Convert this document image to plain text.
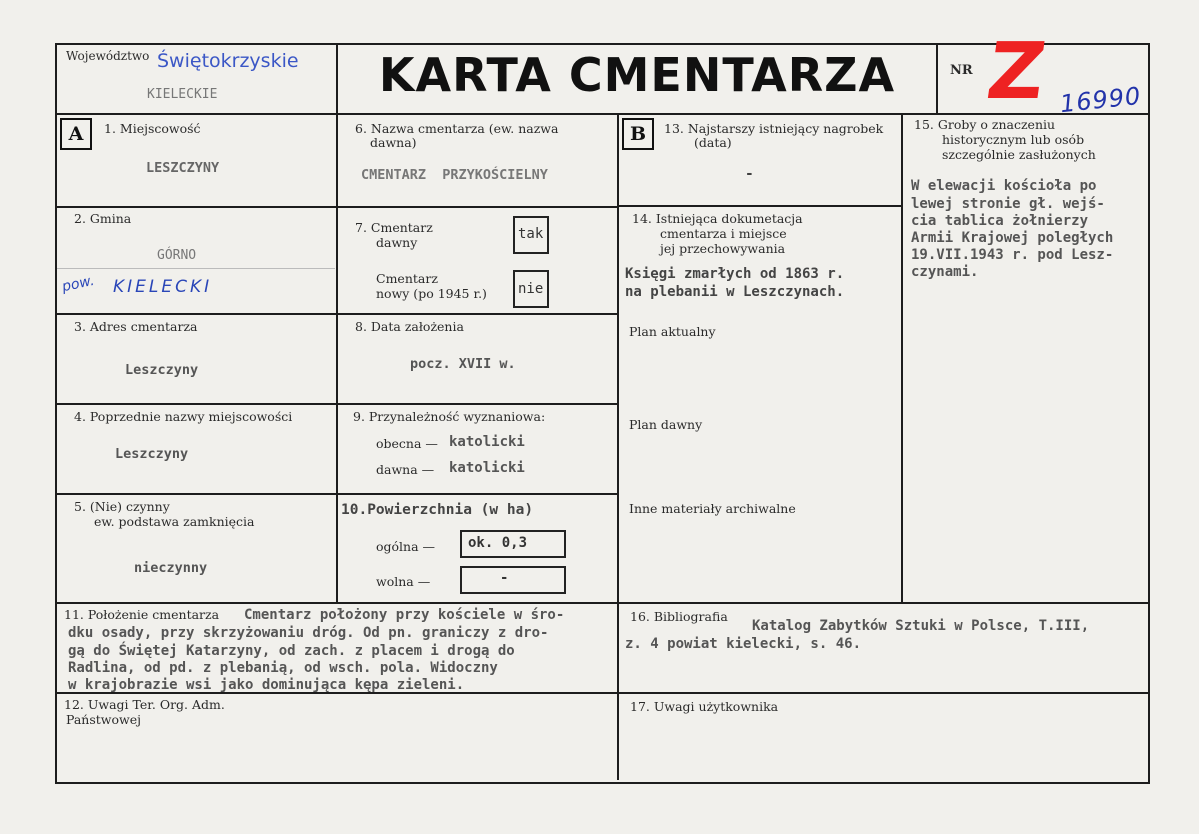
Województwo Świętokrzyskie
KIELECKIE	KARTA CMENTARZA	NR Z 16990
A	1. Miejscowość
LESZCZYNY
2. Gmina
GÓRNO
pow. KIELECKI
3. Adres cmentarza
Leszczyny
4. Poprzednie nazwy miejscowości
Leszczyny
5. (Nie) czynny
ew. podstawa zamknięcia
nieczynny
6. Nazwa cmentarza (ew. nazwa
dawna)
CMENTARZ  PRZYKOŚCIELNY
7. Cmentarz
dawny
tak
Cmentarz
nowy (po 1945 r.) nie
8. Data założenia
pocz. XVII w.
9. Przynależność wyznaniowa:
obecna — katolicki
dawna — katolicki
10.Powierzchnia (w ha)
ogólna — ok. 0,3
wolna —	-
B	13. Najstarszy istniejący nagrobek
(data)
-
14. Istniejąca dokumetacja
cmentarza i miejsce
jej przechowywania
Księgi zmarłych od 1863 r.
na plebanii w Leszczynach.
Plan aktualny
Plan dawny
Inne materiały archiwalne
15. Groby o znaczeniu
historycznym lub osób
szczególnie zasłużonych
W elewacji kościoła po
lewej stronie gł. wejś-
cia tablica żołnierzy
Armii Krajowej poległych
19.VII.1943 r. pod Lesz-
czynami.
11. Położenie cmentarza Cmentarz położony przy kościele w śro-
dku osady, przy skrzyżowaniu dróg. Od pn. graniczy z dro-
gą do Świętej Katarzyny, od zach. z placem i drogą do
Radlina, od pd. z plebanią, od wsch. pola. Widoczny
w krajobrazie wsi jako dominująca kępa zieleni.
16. Bibliografia
Katalog Zabytków Sztuki w Polsce, T.III,
z. 4 powiat kielecki, s. 46.
12. Uwagi Ter. Org. Adm.
Państwowej
17. Uwagi użytkownika
